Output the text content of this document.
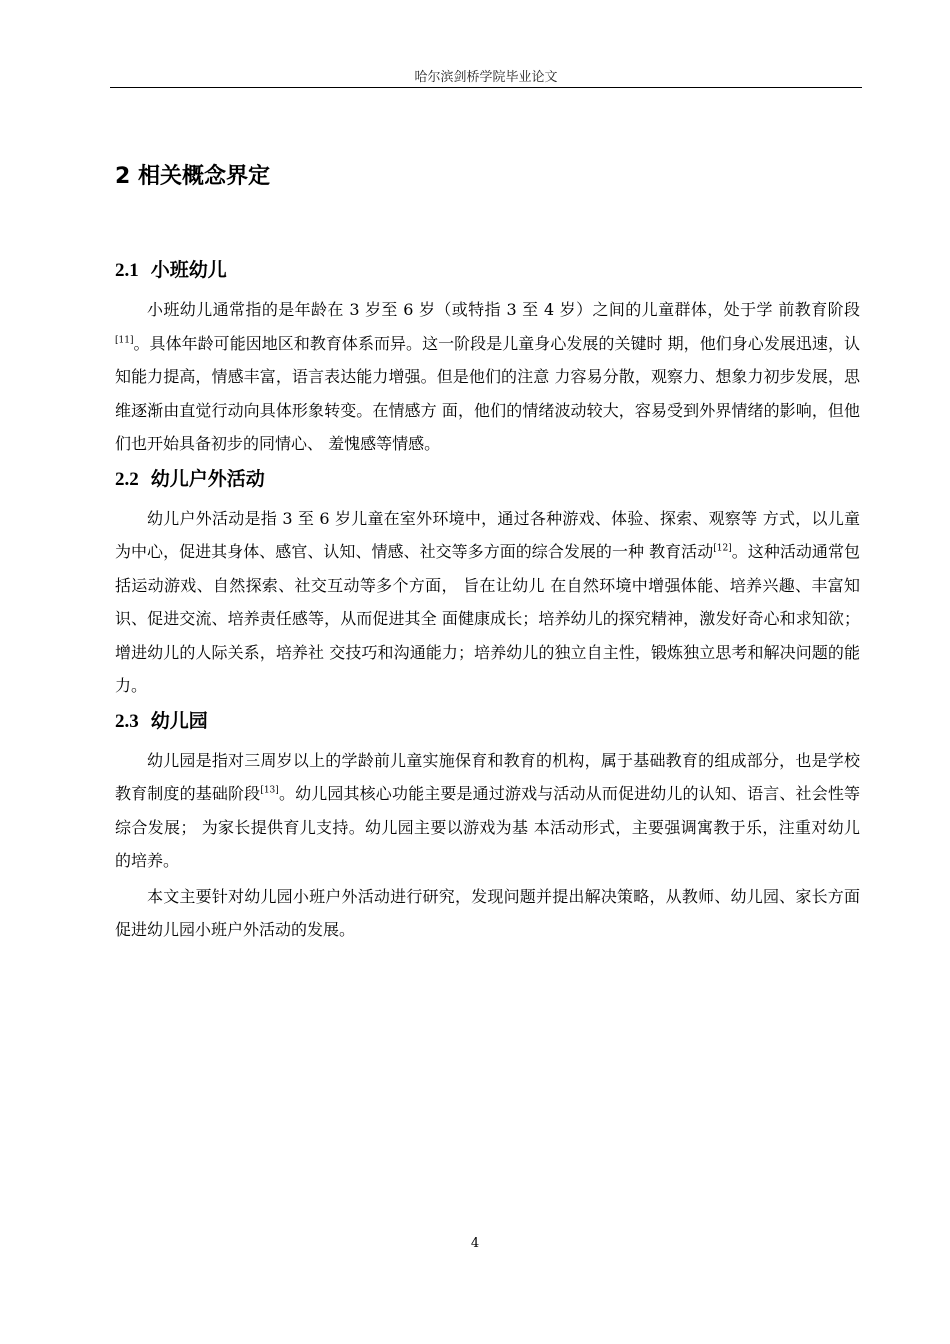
哈尔滨剑桥学院毕业论文
2 相关概念界定
2.1 小班幼儿

小班幼儿通常指的是年龄在 3 岁至 6 岁（或特指 3 至 4 岁）之间的儿童群体，处于学 前教育阶段[11]。具体年龄可能因地区和教育体系而异。这一阶段是儿童身心发展的关键时 期，他们身心发展迅速，认知能力提高，情感丰富，语言表达能力增强。但是他们的注意 力容易分散，观察力、想象力初步发展，思维逐渐由直觉行动向具体形象转变。在情感方 面，他们的情绪波动较大，容易受到外界情绪的影响，但他们也开始具备初步的同情心、 羞愧感等情感。

2.2 幼儿户外活动

幼儿户外活动是指 3 至 6 岁儿童在室外环境中，通过各种游戏、体验、探索、观察等 方式，以儿童为中心，促进其身体、感官、认知、情感、社交等多方面的综合发展的一种 教育活动[12]。这种活动通常包括运动游戏、自然探索、社交互动等多个方面， 旨在让幼儿 在自然环境中增强体能、培养兴趣、丰富知识、促进交流、培养责任感等，从而促进其全 面健康成长；培养幼儿的探究精神，激发好奇心和求知欲；增进幼儿的人际关系，培养社 交技巧和沟通能力；培养幼儿的独立自主性，锻炼独立思考和解决问题的能力。

2.3 幼儿园

幼儿园是指对三周岁以上的学龄前儿童实施保育和教育的机构，属于基础教育的组成部分，也是学校教育制度的基础阶段[13]。幼儿园其核心功能主要是通过游戏与活动从而促进幼儿的认知、语言、社会性等综合发展； 为家长提供育儿支持。幼儿园主要以游戏为基 本活动形式，主要强调寓教于乐，注重对幼儿的培养。

本文主要针对幼儿园小班户外活动进行研究，发现问题并提出解决策略，从教师、幼儿园、家长方面促进幼儿园小班户外活动的发展。

4
